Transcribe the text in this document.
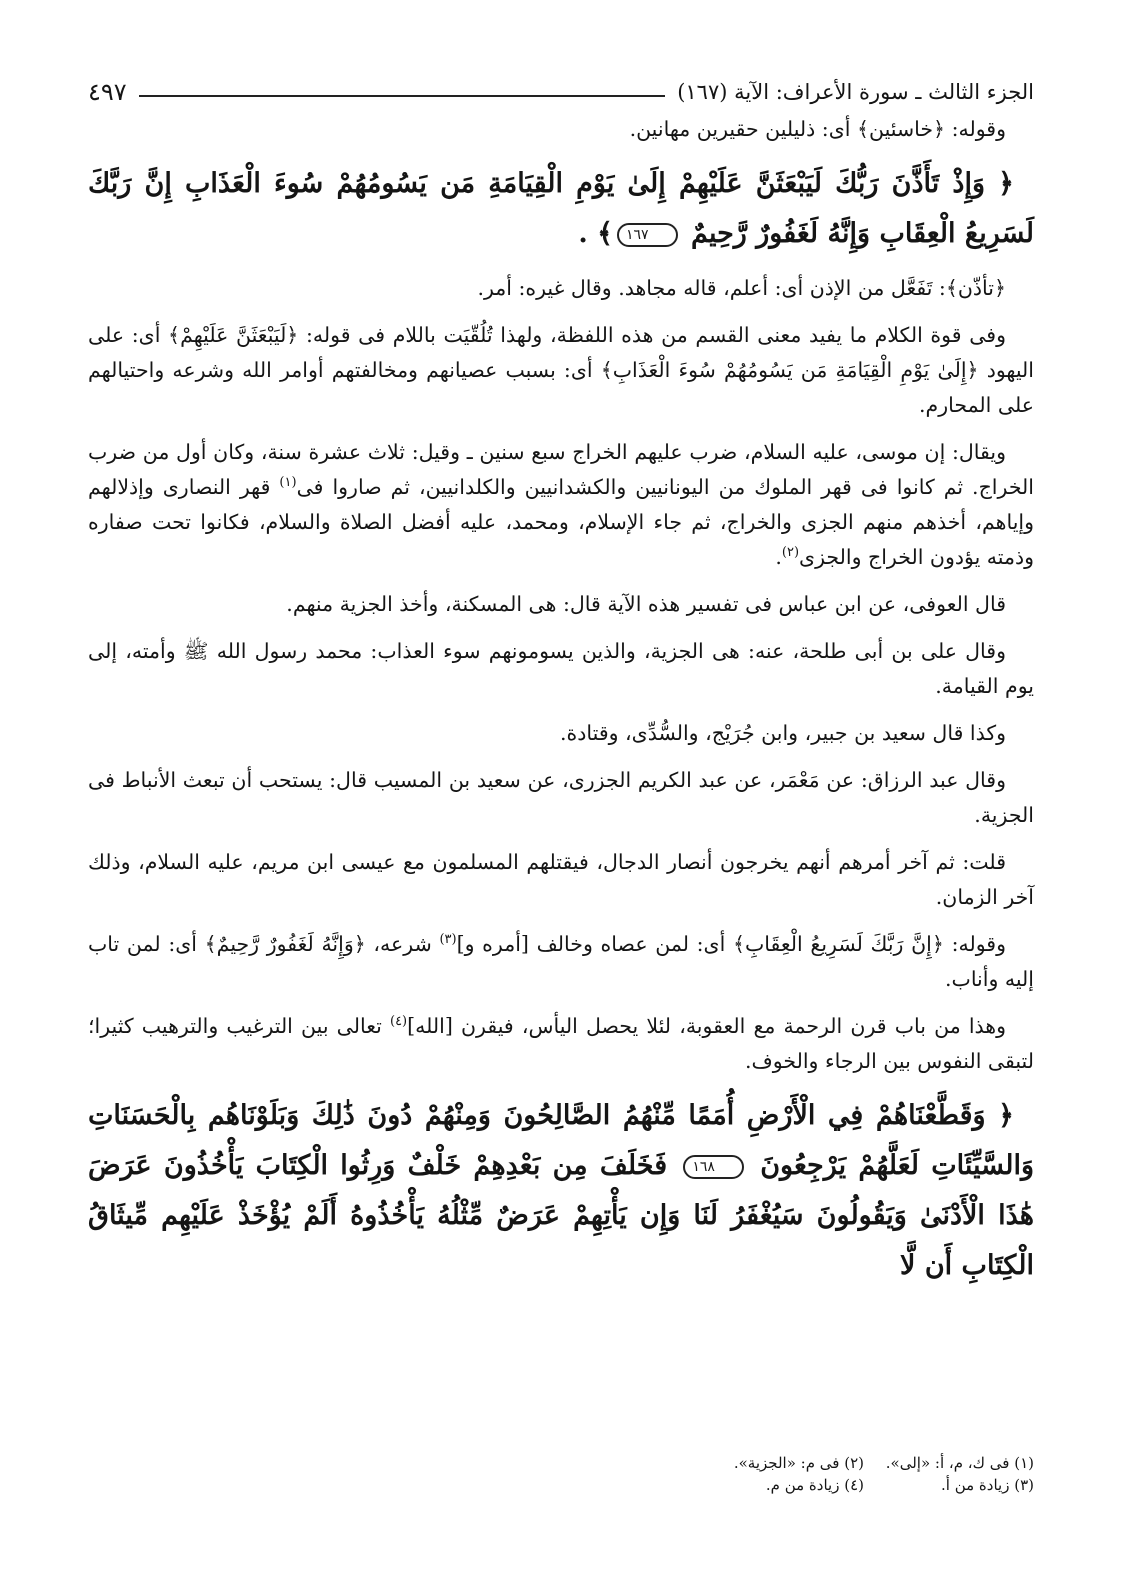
الجزء الثالث ـ سورة الأعراف: الآية (١٦٧)
٤٩٧

وقوله: ﴿خاسئين﴾ أى: ذليلين حقيرين مهانين.

﴿ وَإِذْ تَأَذَّنَ رَبُّكَ لَيَبْعَثَنَّ عَلَيْهِمْ إِلَىٰ يَوْمِ الْقِيَامَةِ مَن يَسُومُهُمْ سُوءَ الْعَذَابِ إِنَّ رَبَّكَ لَسَرِيعُ الْعِقَابِ وَإِنَّهُ لَغَفُورٌ رَّحِيمٌ ١٦٧﴾ .

﴿تأذّن﴾: تَفَعَّل من الإذن أى: أعلم، قاله مجاهد. وقال غيره: أمر.

وفى قوة الكلام ما يفيد معنى القسم من هذه اللفظة، ولهذا تُلُقّيَت باللام فى قوله: ﴿لَيَبْعَثَنَّ عَلَيْهِمْ﴾ أى: على اليهود ﴿إِلَىٰ يَوْمِ الْقِيَامَةِ مَن يَسُومُهُمْ سُوءَ الْعَذَابِ﴾ أى: بسبب عصيانهم ومخالفتهم أوامر الله وشرعه واحتيالهم على المحارم.

ويقال: إن موسى، عليه السلام، ضرب عليهم الخراج سبع سنين ـ وقيل: ثلاث عشرة سنة، وكان أول من ضرب الخراج. ثم كانوا فى قهر الملوك من اليونانيين والكشدانيين والكلدانيين، ثم صاروا فى$^{(١)}$ قهر النصارى وإذلالهم وإياهم، أخذهم منهم الجزى والخراج، ثم جاء الإسلام، ومحمد، عليه أفضل الصلاة والسلام، فكانوا تحت صفاره وذمته يؤدون الخراج والجزى$^{(٢)}$.

قال العوفى، عن ابن عباس فى تفسير هذه الآية قال: هى المسكنة، وأخذ الجزية منهم.

وقال على بن أبى طلحة، عنه: هى الجزية، والذين يسومونهم سوء العذاب: محمد رسول الله ﷺ وأمته، إلى يوم القيامة.

وكذا قال سعيد بن جبير، وابن جُرَيْج، والسُّدِّى، وقتادة.

وقال عبد الرزاق: عن مَعْمَر، عن عبد الكريم الجزرى، عن سعيد بن المسيب قال: يستحب أن تبعث الأنباط فى الجزية.

قلت: ثم آخر أمرهم أنهم يخرجون أنصار الدجال، فيقتلهم المسلمون مع عيسى ابن مريم، عليه السلام، وذلك آخر الزمان.

وقوله: ﴿إِنَّ رَبَّكَ لَسَرِيعُ الْعِقَابِ﴾ أى: لمن عصاه وخالف [أمره و]$^{(٣)}$ شرعه، ﴿وَإِنَّهُ لَغَفُورٌ رَّحِيمٌ﴾ أى: لمن تاب إليه وأناب.

وهذا من باب قرن الرحمة مع العقوبة، لئلا يحصل اليأس، فيقرن [الله]$^{(٤)}$ تعالى بين الترغيب والترهيب كثيرا؛ لتبقى النفوس بين الرجاء والخوف.

﴿ وَقَطَّعْنَاهُمْ فِي الْأَرْضِ أُمَمًا مِّنْهُمُ الصَّالِحُونَ وَمِنْهُمْ دُونَ ذَٰلِكَ وَبَلَوْنَاهُم بِالْحَسَنَاتِ وَالسَّيِّئَاتِ لَعَلَّهُمْ يَرْجِعُونَ ١٦٨ فَخَلَفَ مِن بَعْدِهِمْ خَلْفٌ وَرِثُوا الْكِتَابَ يَأْخُذُونَ عَرَضَ هَٰذَا الْأَدْنَىٰ وَيَقُولُونَ سَيُغْفَرُ لَنَا وَإِن يَأْتِهِمْ عَرَضٌ مِّثْلُهُ يَأْخُذُوهُ أَلَمْ يُؤْخَذْ عَلَيْهِم مِّيثَاقُ الْكِتَابِ أَن لَّا

(١) فى ك، م، أ: «إلى».
(٢) فى م: «الجزية».
(٣) زيادة من أ.
(٤) زيادة من م.
